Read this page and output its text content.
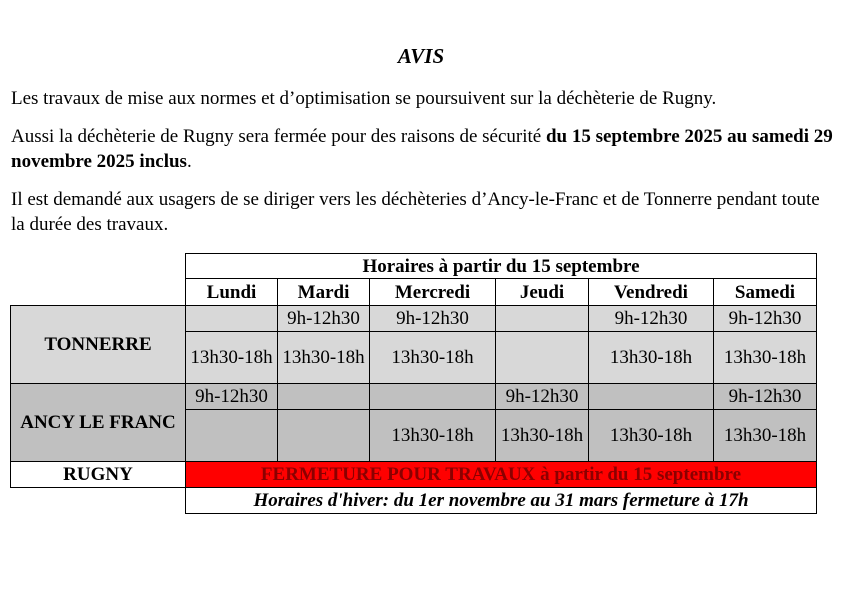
AVIS
Les travaux de mise aux normes et d’optimisation se poursuivent sur la déchèterie de Rugny.
Aussi la déchèterie de Rugny sera fermée pour des raisons de sécurité du 15 septembre 2025 au samedi 29 novembre 2025 inclus.
Il est demandé aux usagers de se diriger vers les déchèteries d’Ancy-le-Franc et de Tonnerre pendant toute la durée des travaux.
	Horaires à partir du 15 septembre					
	Lundi	Mardi	Mercredi	Jeudi	Vendredi	Samedi
TONNERRE		9h-12h30	9h-12h30		9h-12h30	9h-12h30
	13h30-18h	13h30-18h	13h30-18h		13h30-18h	13h30-18h
ANCY LE FRANC	9h-12h30			9h-12h30		9h-12h30
			13h30-18h	13h30-18h	13h30-18h	13h30-18h
RUGNY	FERMETURE POUR TRAVAUX à partir du 15 septembre					
	Horaires d'hiver: du 1er novembre au 31 mars fermeture à 17h					
